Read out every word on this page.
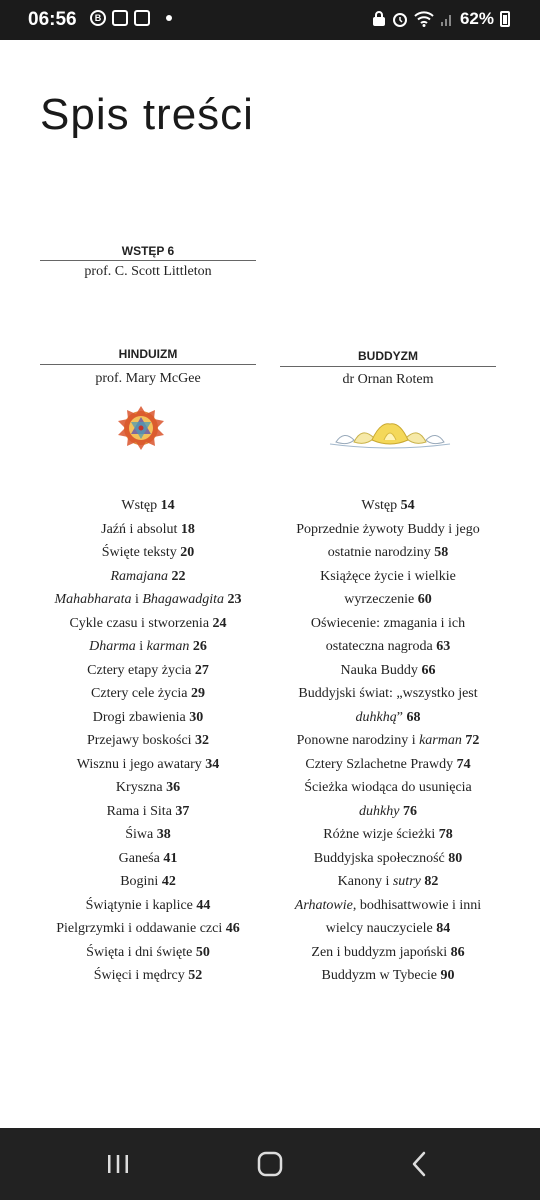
06:56	B	62%
Spis treści
WSTĘP 6
prof. C. Scott Littleton
HINDUIZM
prof. Mary McGee
Wstęp 14
Jaźń i absolut 18
Święte teksty 20
Ramajana 22
Mahabharata i Bhagawadgita 23
Cykle czasu i stworzenia 24
Dharma i karman 26
Cztery etapy życia 27
Cztery cele życia 29
Drogi zbawienia 30
Przejawy boskości 32
Wisznu i jego awatary 34
Kryszna 36
Rama i Sita 37
Śiwa 38
Ganeśa 41
Bogini 42
Świątynie i kaplice 44
Pielgrzymki i oddawanie czci 46
Święta i dni święte 50
Święci i mędrcy 52
BUDDYZM
dr Ornan Rotem
Wstęp 54
Poprzednie żywoty Buddy i jego
ostatnie narodziny 58
Książęce życie i wielkie
wyrzeczenie 60
Oświecenie: zmagania i ich
ostateczna nagroda 63
Nauka Buddy 66
Buddyjski świat: „wszystko jest
duhkhą” 68
Ponowne narodziny i karman 72
Cztery Szlachetne Prawdy 74
Ścieżka wiodąca do usunięcia
duhkhy 76
Różne wizje ścieżki 78
Buddyjska społeczność 80
Kanony i sutry 82
Arhatowie, bodhisattwowie i inni
wielcy nauczyciele 84
Zen i buddyzm japoński 86
Buddyzm w Tybecie 90
